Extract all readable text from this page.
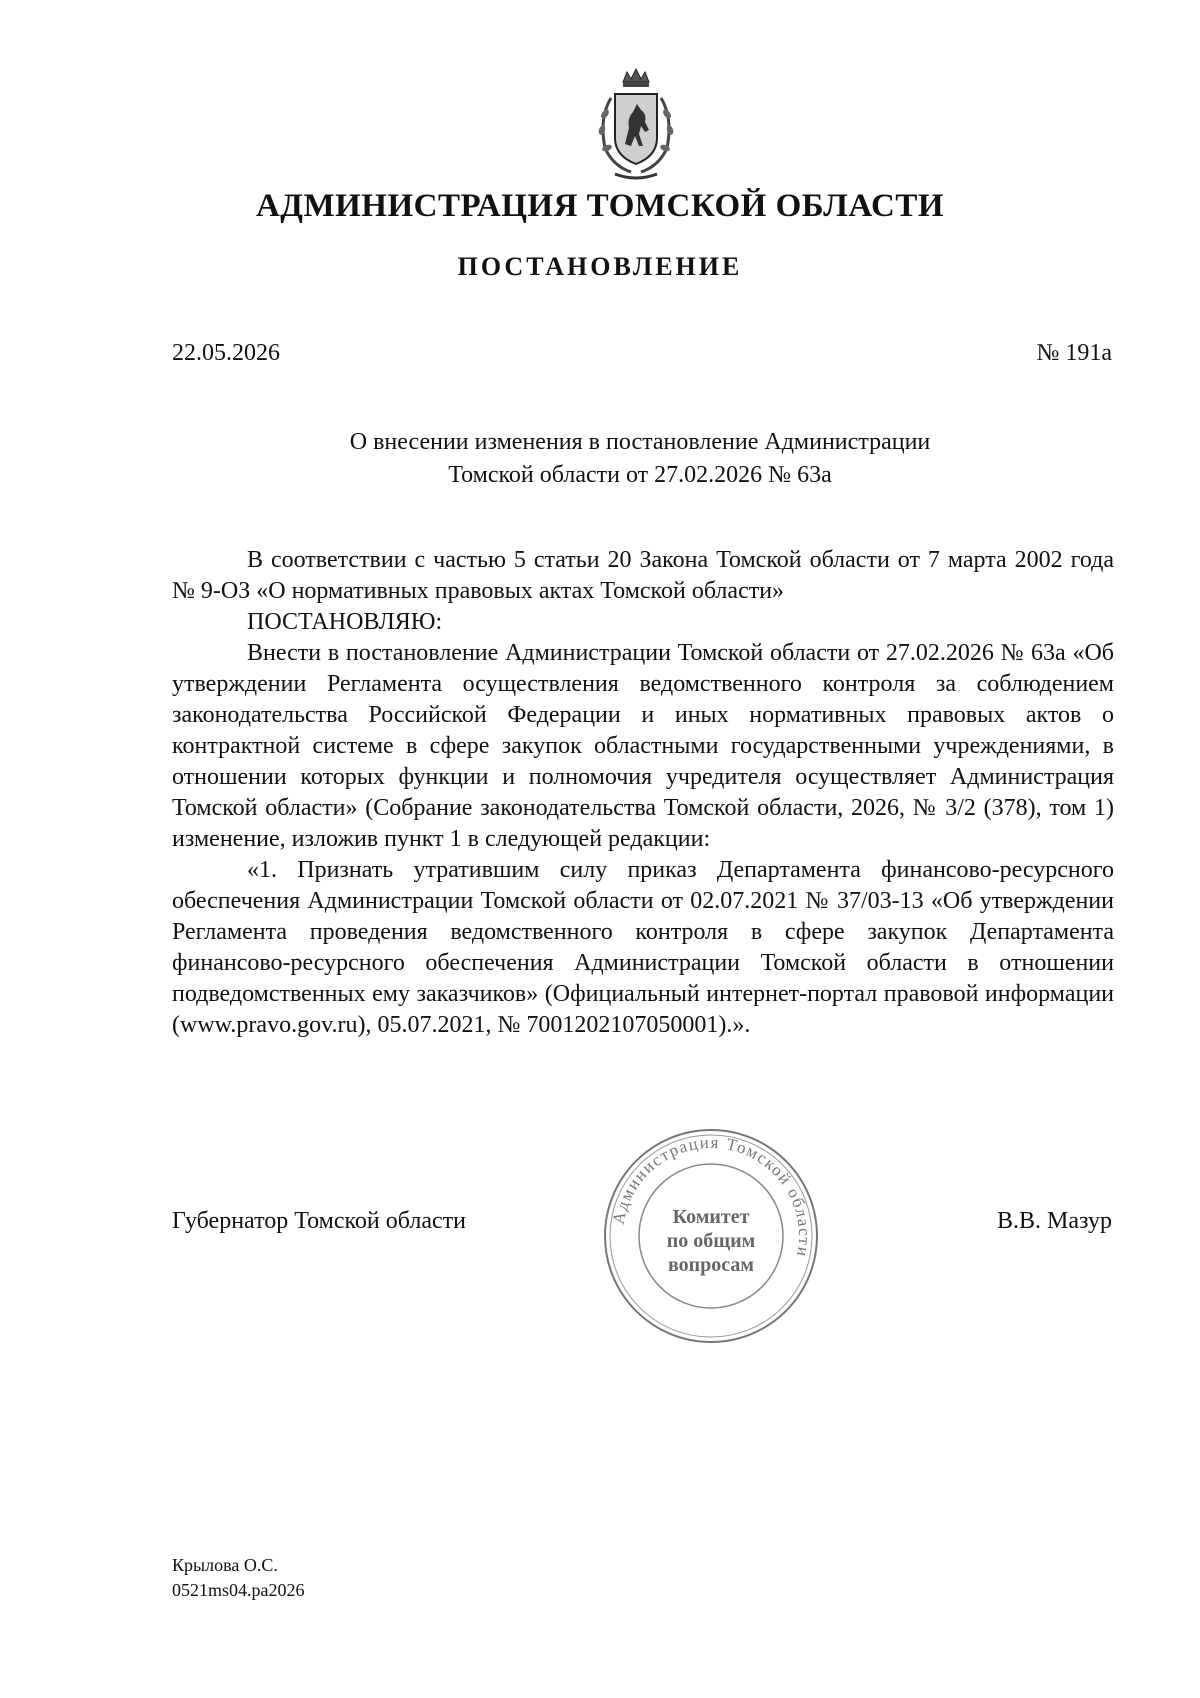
АДМИНИСТРАЦИЯ ТОМСКОЙ ОБЛАСТИ
ПОСТАНОВЛЕНИЕ
22.05.2026	№ 191а
О внесении изменения в постановление Администрации
Томской области от 27.02.2026 № 63а

В соответствии с частью 5 статьи 20 Закона Томской области от 7 марта 2002 года № 9-ОЗ «О нормативных правовых актах Томской области»

ПОСТАНОВЛЯЮ:

Внести в постановление Администрации Томской области от 27.02.2026 № 63а «Об утверждении Регламента осуществления ведомственного контроля за соблюдением законодательства Российской Федерации и иных нормативных правовых актов о контрактной системе в сфере закупок областными государственными учреждениями, в отношении которых функции и полномочия учредителя осуществляет Администрация Томской области» (Собрание законодательства Томской области, 2026, № 3/2 (378), том 1) изменение, изложив пункт 1 в следующей редакции:

«1. Признать утратившим силу приказ Департамента финансово-ресурсного обеспечения Администрации Томской области от 02.07.2021 № 37/03-13 «Об утверждении Регламента проведения ведомственного контроля в сфере закупок Департамента финансово-ресурсного обеспечения Администрации Томской области в отношении подведомственных ему заказчиков» (Официальный интернет-портал правовой информации (www.pravo.gov.ru), 05.07.2021, № 7001202107050001).».

Губернатор Томской области	В.В. Мазур
Администрация Томской области
Комитет
по общим
вопросам
Крылова О.С.
0521ms04.pa2026
